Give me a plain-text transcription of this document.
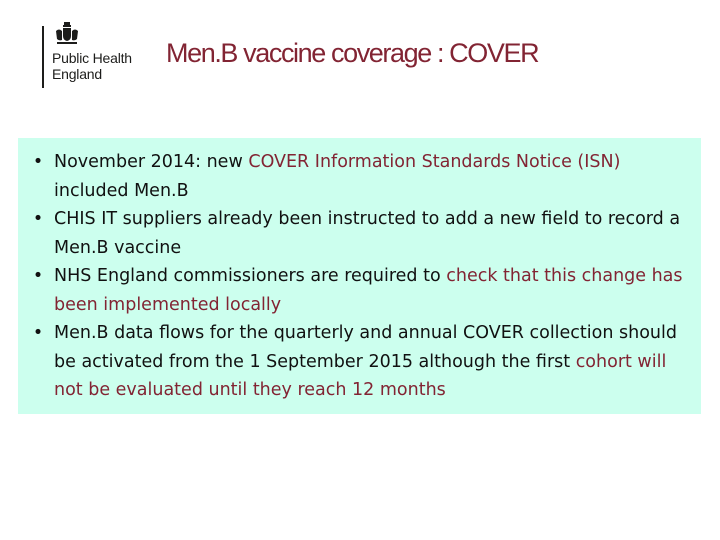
Public Health
England
Men.B vaccine coverage : COVER
• November 2014: new COVER Information Standards Notice (ISN) included Men.B
• CHIS IT suppliers already been instructed to add a new field to record a Men.B vaccine
• NHS England commissioners are required to check that this change has been implemented locally
• Men.B data flows for the quarterly and annual COVER collection should be activated from the 1 September 2015 although the first cohort will not be evaluated until they reach 12 months
